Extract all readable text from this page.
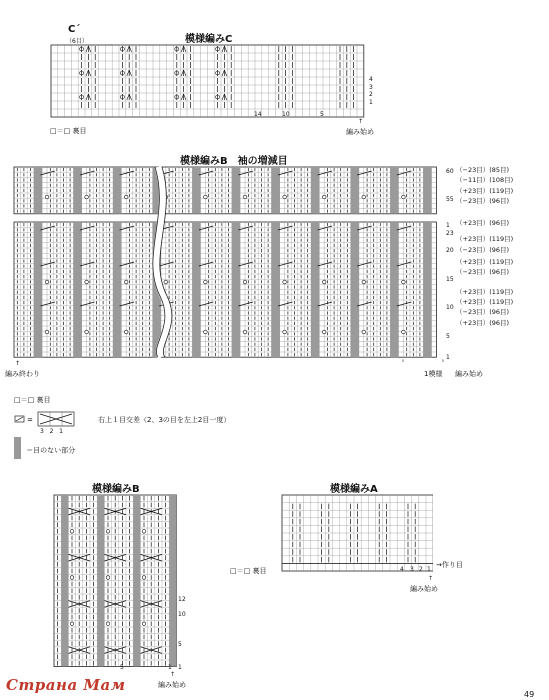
模様編みC
C´
（6目）
4
3
2
1
14	10	5
↑
編み始め
□＝□ 裏目
模様編みB　袖の増減目
60
55
1
23
20
15
10
5
1
（−23目）(85目)
（−11目）(108目)
（+23目）(119目)
（−23目）(96目)
（+23目）(96目)
（+23目）(119目)
（−23目）(96目)
（+23目）(119目)
（−23目）(96目)
（+23目）(119目)
（+23目）(119目)
（−23目）(96目)
（+23目）(96目)
↑
編み終わり	1模様 編み始め
□＝□ 裏目
=
3 2 1
右上１目交差（2、3の目を左上2目一度）
＝目のない部分
模様編みB
12
10
5
1
5	1
↑
編み始め
模様編みA
4 3 2 1
→作り目
□＝□ 裏目
↑
編み始め
Страна Мам
49
